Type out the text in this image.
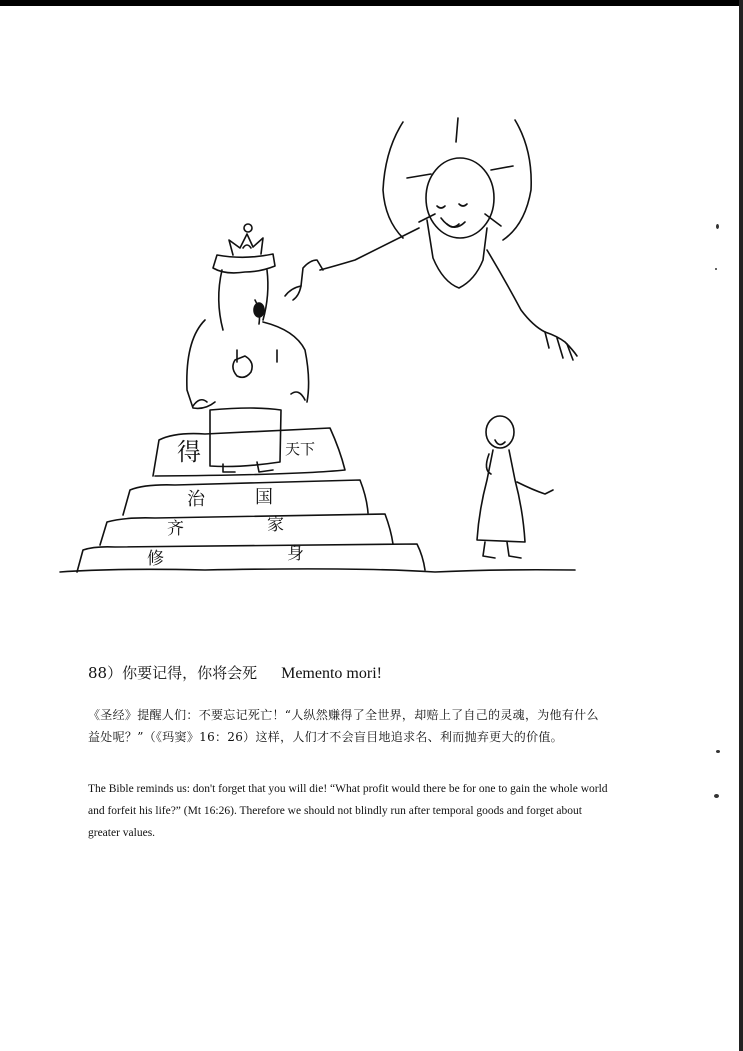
得	天下
治	国
齐	家
修	身
88）你要记得，你将会死 Memento mori!
《圣经》提醒人们：不要忘记死亡！“人纵然赚得了全世界，却赔上了自己的灵魂，为他有什么益处呢？”（《玛窦》16：26）这样，人们才不会盲目地追求名、利而抛弃更大的价值。
The Bible reminds us: don't forget that you will die! “What profit would there be for one to gain the whole world and forfeit his life?” (Mt 16:26). Therefore we should not blindly run after temporal goods and forget about greater values.
